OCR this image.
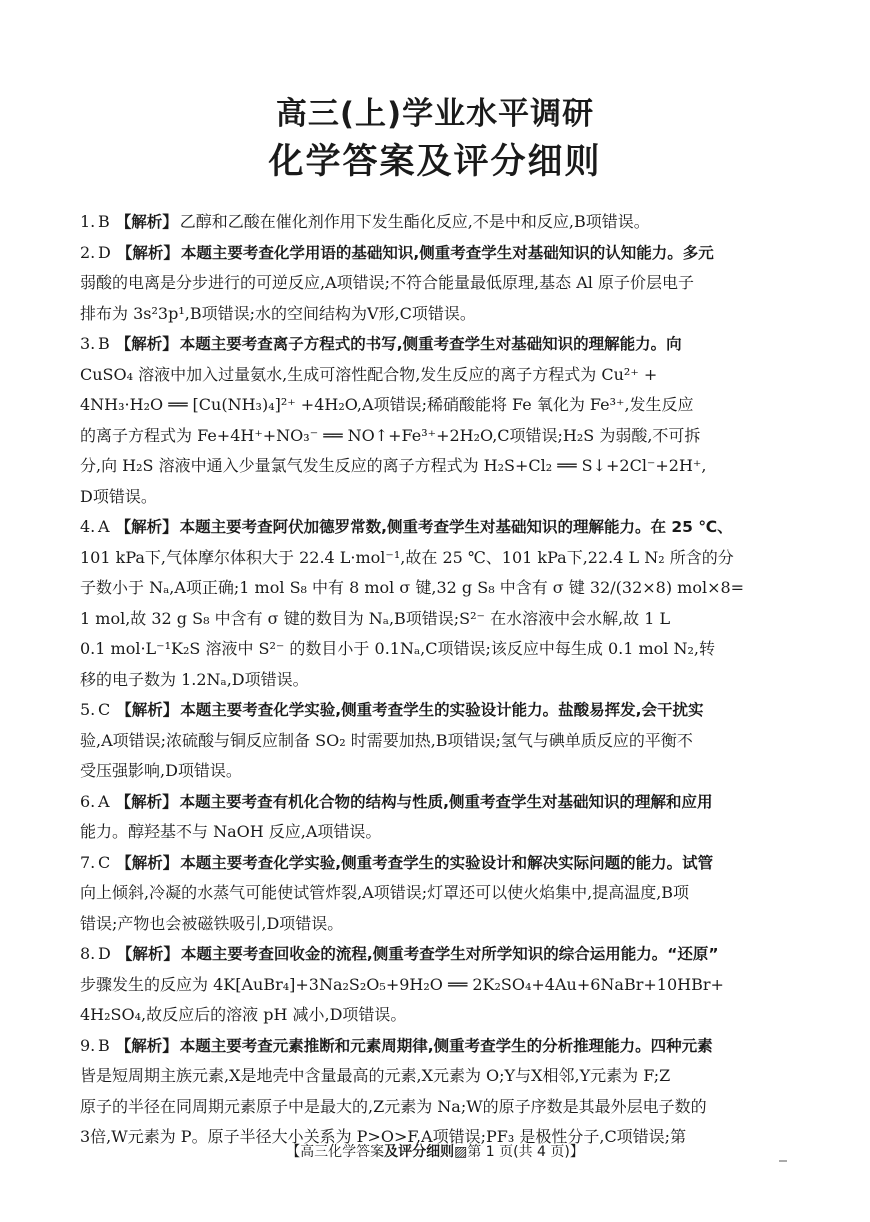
高三(上)学业水平调研
化学答案及评分细则
1. B 【解析】 乙醇和乙酸在催化剂作用下发生酯化反应,不是中和反应,B项错误。
2. D 【解析】 本题主要考查化学用语的基础知识,侧重考查学生对基础知识的认知能力。多元
弱酸的电离是分步进行的可逆反应,A项错误;不符合能量最低原理,基态 Al 原子价层电子
排布为 3s²3p¹,B项错误;水的空间结构为V形,C项错误。
3. B 【解析】 本题主要考查离子方程式的书写,侧重考查学生对基础知识的理解能力。向
CuSO₄ 溶液中加入过量氨水,生成可溶性配合物,发生反应的离子方程式为 Cu²⁺ +
4NH₃·H₂O ══ [Cu(NH₃)₄]²⁺ +4H₂O,A项错误;稀硝酸能将 Fe 氧化为 Fe³⁺,发生反应
的离子方程式为 Fe+4H⁺+NO₃⁻ ══ NO↑+Fe³⁺+2H₂O,C项错误;H₂S 为弱酸,不可拆
分,向 H₂S 溶液中通入少量氯气发生反应的离子方程式为 H₂S+Cl₂ ══ S↓+2Cl⁻+2H⁺,
D项错误。
4. A 【解析】 本题主要考查阿伏加德罗常数,侧重考查学生对基础知识的理解能力。在 25 ℃、
101 kPa下,气体摩尔体积大于 22.4 L·mol⁻¹,故在 25 ℃、101 kPa下,22.4 L N₂ 所含的分
子数小于 Nₐ,A项正确;1 mol S₈ 中有 8 mol σ 键,32 g S₈ 中含有 σ 键 32/(32×8) mol×8=
1 mol,故 32 g S₈ 中含有 σ 键的数目为 Nₐ,B项错误;S²⁻ 在水溶液中会水解,故 1 L
0.1 mol·L⁻¹K₂S 溶液中 S²⁻ 的数目小于 0.1Nₐ,C项错误;该反应中每生成 0.1 mol N₂,转
移的电子数为 1.2Nₐ,D项错误。
5. C 【解析】 本题主要考查化学实验,侧重考查学生的实验设计能力。盐酸易挥发,会干扰实
验,A项错误;浓硫酸与铜反应制备 SO₂ 时需要加热,B项错误;氢气与碘单质反应的平衡不
受压强影响,D项错误。
6. A 【解析】 本题主要考查有机化合物的结构与性质,侧重考查学生对基础知识的理解和应用
能力。醇羟基不与 NaOH 反应,A项错误。
7. C 【解析】 本题主要考查化学实验,侧重考查学生的实验设计和解决实际问题的能力。试管
向上倾斜,冷凝的水蒸气可能使试管炸裂,A项错误;灯罩还可以使火焰集中,提高温度,B项
错误;产物也会被磁铁吸引,D项错误。
8. D 【解析】 本题主要考查回收金的流程,侧重考查学生对所学知识的综合运用能力。“还原”
步骤发生的反应为 4K[AuBr₄]+3Na₂S₂O₅+9H₂O ══ 2K₂SO₄+4Au+6NaBr+10HBr+
4H₂SO₄,故反应后的溶液 pH 减小,D项错误。
9. B 【解析】 本题主要考查元素推断和元素周期律,侧重考查学生的分析推理能力。四种元素
皆是短周期主族元素,X是地壳中含量最高的元素,X元素为 O;Y与X相邻,Y元素为 F;Z
原子的半径在同周期元素原子中是最大的,Z元素为 Na;W的原子序数是其最外层电子数的
3倍,W元素为 P。原子半径大小关系为 P>O>F,A项错误;PF₃ 是极性分子,C项错误;第
【高三化学答案及评分细则▨第 1 页(共 4 页)】
